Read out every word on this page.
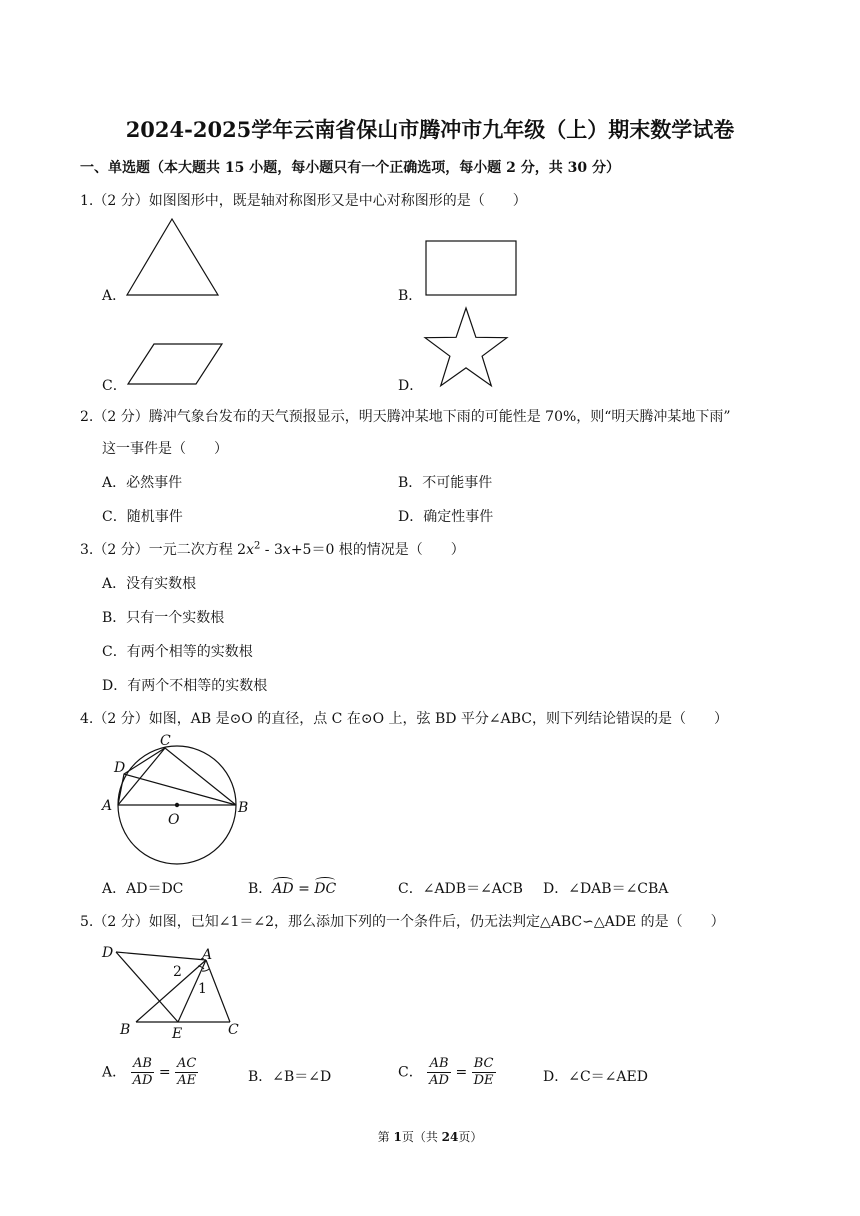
2024-2025学年云南省保山市腾冲市九年级（上）期末数学试卷
一、单选题（本大题共 15 小题，每小题只有一个正确选项，每小题 2 分，共 30 分）
1.（2 分）如图图形中，既是轴对称图形又是中心对称图形的是（　　）
A．	B．
C．	D．
2.（2 分）腾冲气象台发布的天气预报显示，明天腾冲某地下雨的可能性是 70%，则“明天腾冲某地下雨”
这一事件是（　　）
A．必然事件	B．不可能事件
C．随机事件	D．确定性事件
3.（2 分）一元二次方程 $2x^2 - 3x+5=0$ 根的情况是（　　）
A．没有实数根
B．只有一个实数根
C．有两个相等的实数根
D．有两个不相等的实数根
4.（2 分）如图，AB 是⊙O 的直径，点 C 在⊙O 上，弦 BD 平分∠ABC，则下列结论错误的是（　　）
C
D
A	B
O
A．AD＝DC	B．
AD =
DC	C．∠ADB＝∠ACB D．∠DAB＝∠CBA
5.（2 分）如图，已知∠1＝∠2，那么添加下列的一个条件后，仍无法判定△ABC∽△ADE 的是（　　）
D	A
B	E	C
1
2
A． $\frac{AB}{AD} = \frac{AC}{AE}$	B．∠B＝∠D	C． $\frac{AB}{AD} = \frac{BC}{DE}$	D．∠C＝∠AED
第 1页（共 24页）
